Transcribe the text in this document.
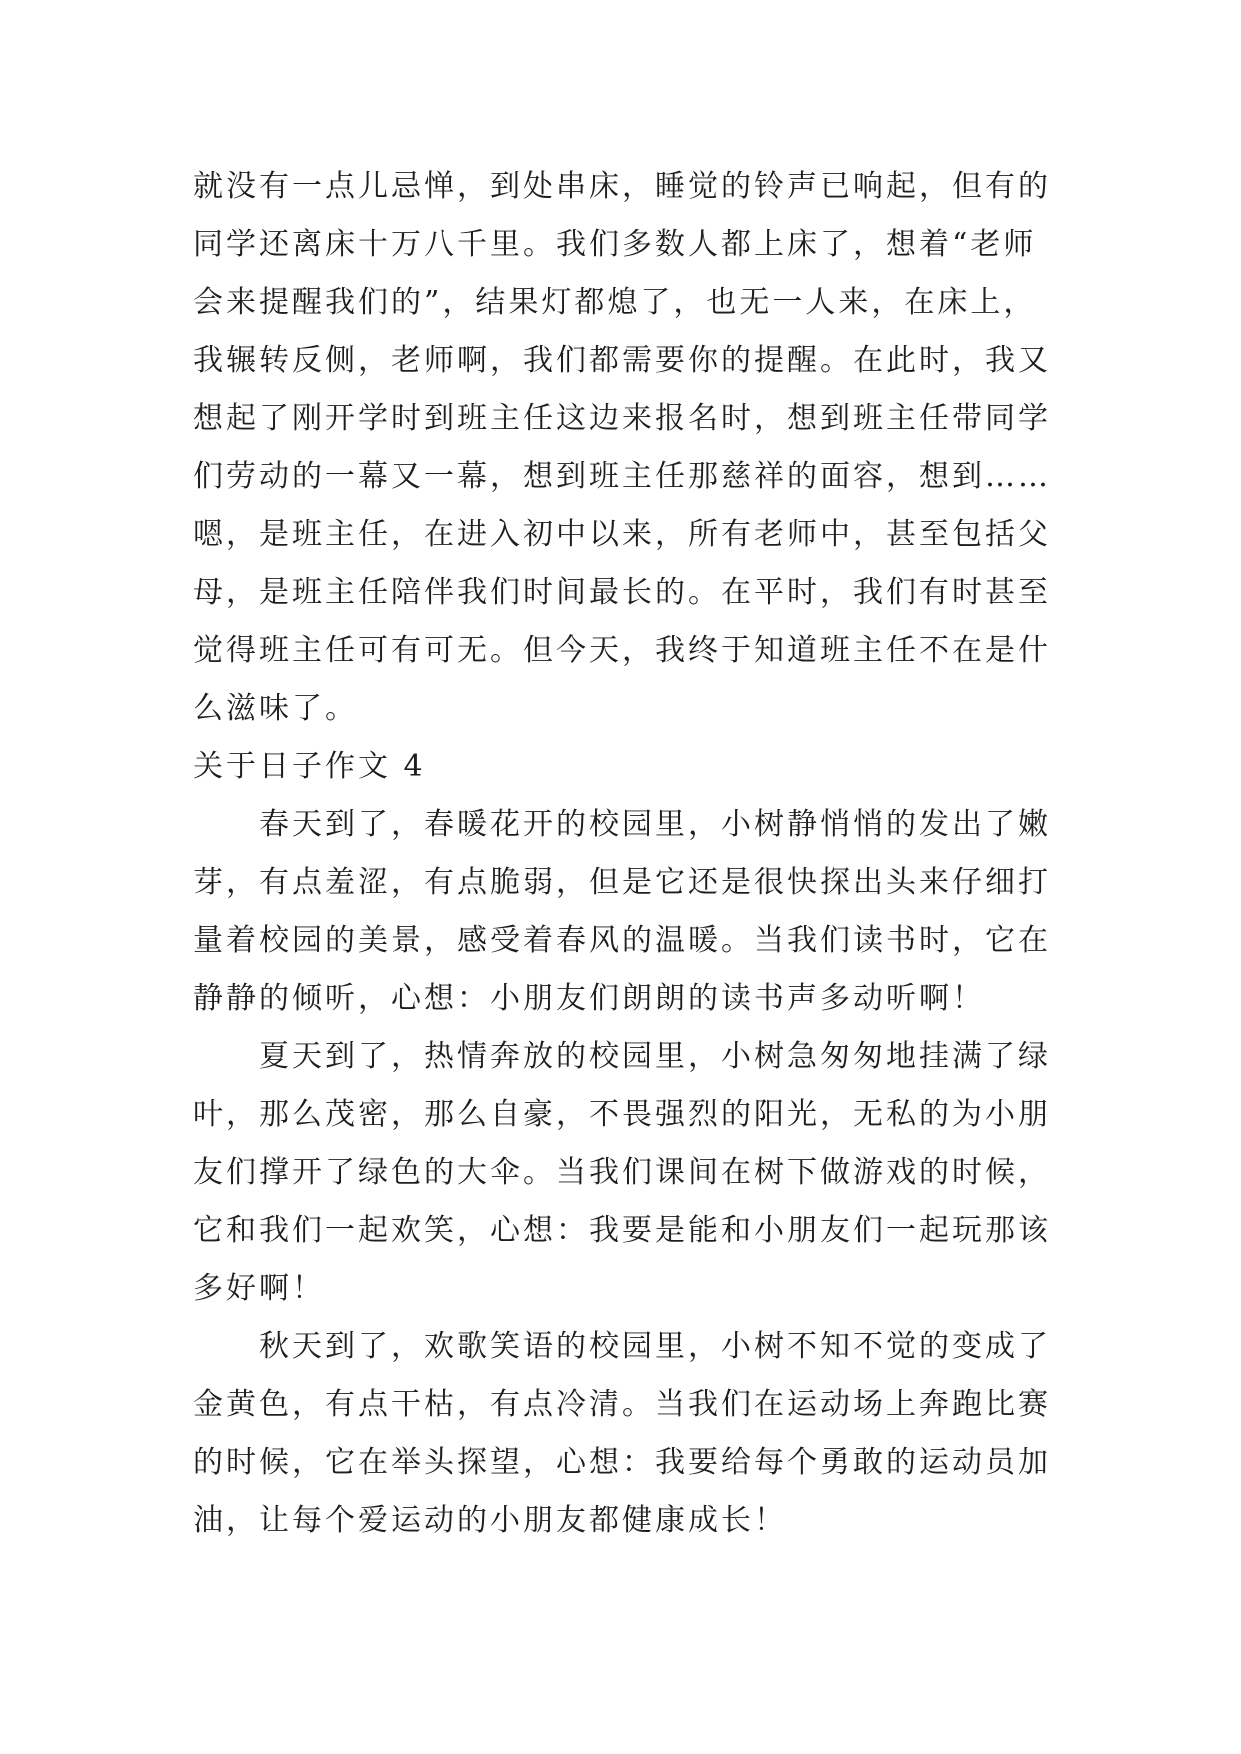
就没有一点儿忌惮，到处串床，睡觉的铃声已响起，但有的
同学还离床十万八千里。我们多数人都上床了，想着“老师
会来提醒我们的”，结果灯都熄了，也无一人来，在床上，
我辗转反侧，老师啊，我们都需要你的提醒。在此时，我又
想起了刚开学时到班主任这边来报名时，想到班主任带同学
们劳动的一幕又一幕，想到班主任那慈祥的面容，想到……
嗯，是班主任，在进入初中以来，所有老师中，甚至包括父
母，是班主任陪伴我们时间最长的。在平时，我们有时甚至
觉得班主任可有可无。但今天，我终于知道班主任不在是什
么滋味了。
关于日子作文 4
春天到了，春暖花开的校园里，小树静悄悄的发出了嫩
芽，有点羞涩，有点脆弱，但是它还是很快探出头来仔细打
量着校园的美景，感受着春风的温暖。当我们读书时，它在
静静的倾听，心想：小朋友们朗朗的读书声多动听啊！
夏天到了，热情奔放的校园里，小树急匆匆地挂满了绿
叶，那么茂密，那么自豪，不畏强烈的阳光，无私的为小朋
友们撑开了绿色的大伞。当我们课间在树下做游戏的时候，
它和我们一起欢笑，心想：我要是能和小朋友们一起玩那该
多好啊！
秋天到了，欢歌笑语的校园里，小树不知不觉的变成了
金黄色，有点干枯，有点冷清。当我们在运动场上奔跑比赛
的时候，它在举头探望，心想：我要给每个勇敢的运动员加
油，让每个爱运动的小朋友都健康成长！
